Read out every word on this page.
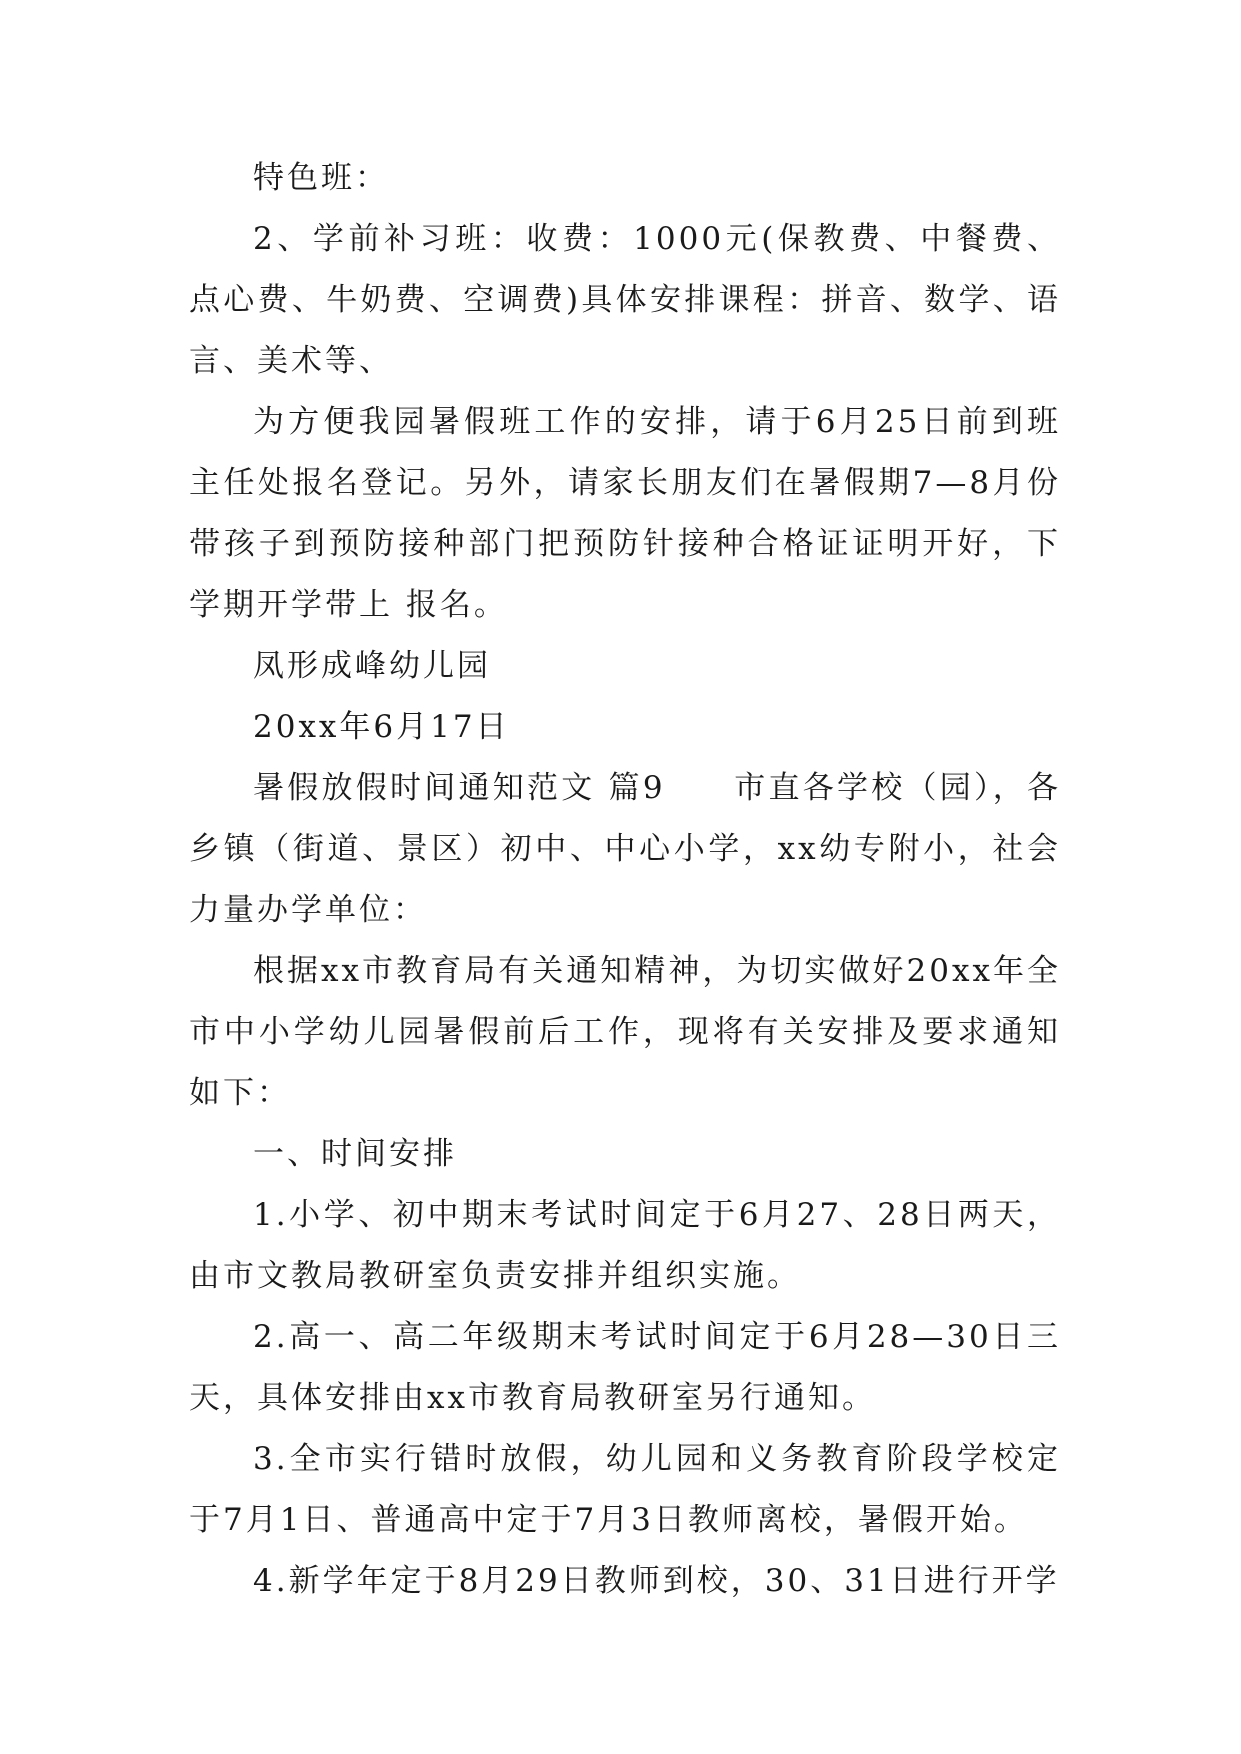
特色班：

2、学前补习班：收费：1000元(保教费、中餐费、点心费、牛奶费、空调费)具体安排课程：拼音、数学、语言、美术等、

为方便我园暑假班工作的安排，请于6月25日前到班主任处报名登记。另外，请家长朋友们在暑假期7—8月份带孩子到预防接种部门把预防针接种合格证证明开好，下学期开学带上 报名。

凤形成峰幼儿园

20xx年6月17日

暑假放假时间通知范文 篇9　　市直各学校（园），各乡镇（街道、景区）初中、中心小学，xx幼专附小，社会力量办学单位：

根据xx市教育局有关通知精神，为切实做好20xx年全市中小学幼儿园暑假前后工作，现将有关安排及要求通知如下：

一、时间安排

1.小学、初中期末考试时间定于6月27、28日两天，由市文教局教研室负责安排并组织实施。

2.高一、高二年级期末考试时间定于6月28—30日三天，具体安排由xx市教育局教研室另行通知。

3.全市实行错时放假，幼儿园和义务教育阶段学校定于7月1日、普通高中定于7月3日教师离校，暑假开始。

4.新学年定于8月29日教师到校，30、31日进行开学
